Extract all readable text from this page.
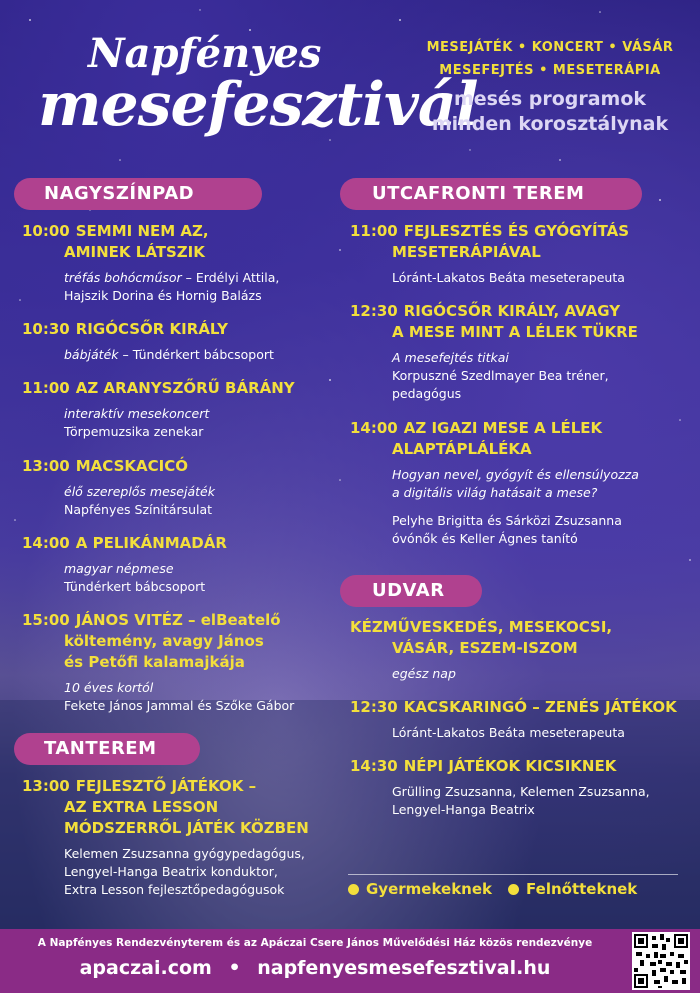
Napfényes
mesefesztivál
MESEJÁTÉK • KONCERT • VÁSÁR
MESEFEJTÉS • MESETERÁPIA
mesés programok
minden korosztálynak
NAGYSZÍNPAD
10:00 SEMMI NEM AZ,
AMINEK LÁTSZIK
tréfás bohócműsor – Erdélyi Attila,
Hajszik Dorina és Hornig Balázs
10:30 RIGÓCSŐR KIRÁLY
bábjáték – Tündérkert bábcsoport
11:00 AZ ARANYSZŐRŰ BÁRÁNY
interaktív mesekoncert
Törpemuzsika zenekar
13:00 MACSKACICÓ
élő szereplős mesejáték
Napfényes Színitársulat
14:00 A PELIKÁNMADÁR
magyar népmese
Tündérkert bábcsoport
15:00 JÁNOS VITÉZ – elBeatelő
költemény, avagy János
és Petőfi kalamajkája
10 éves kortól
Fekete János Jammal és Szőke Gábor
TANTEREM
13:00 FEJLESZTŐ JÁTÉKOK –
AZ EXTRA LESSON
MÓDSZERRŐL JÁTÉK KÖZBEN
Kelemen Zsuzsanna gyógypedagógus,
Lengyel-Hanga Beatrix konduktor,
Extra Lesson fejlesztőpedagógusok
UTCAFRONTI TEREM
11:00 FEJLESZTÉS ÉS GYÓGYÍTÁS
MESETERÁPIÁVAL
Lóránt-Lakatos Beáta meseterapeuta
12:30 RIGÓCSŐR KIRÁLY, AVAGY
A MESE MINT A LÉLEK TÜKRE
A mesefejtés titkai
Korpuszné Szedlmayer Bea tréner,
pedagógus
14:00 AZ IGAZI MESE A LÉLEK
ALAPTÁPLÁLÉKA
Hogyan nevel, gyógyít és ellensúlyozza
a digitális világ hatásait a mese?
Pelyhe Brigitta és Sárközi Zsuzsanna
óvónők és Keller Ágnes tanító
UDVAR
KÉZMŰVESKEDÉS, MESEKOCSI,
VÁSÁR, ESZEM-ISZOM
egész nap
12:30 KACSKARINGÓ – ZENÉS JÁTÉKOK
Lóránt-Lakatos Beáta meseterapeuta
14:30 NÉPI JÁTÉKOK KICSIKNEK
Grülling Zsuzsanna, Kelemen Zsuzsanna,
Lengyel-Hanga Beatrix
Gyermekeknek Felnőtteknek
A Napfényes Rendezvényterem és az Apáczai Csere János Művelődési Ház közös rendezvénye
apaczai.com • napfenyesmesefesztival.hu
